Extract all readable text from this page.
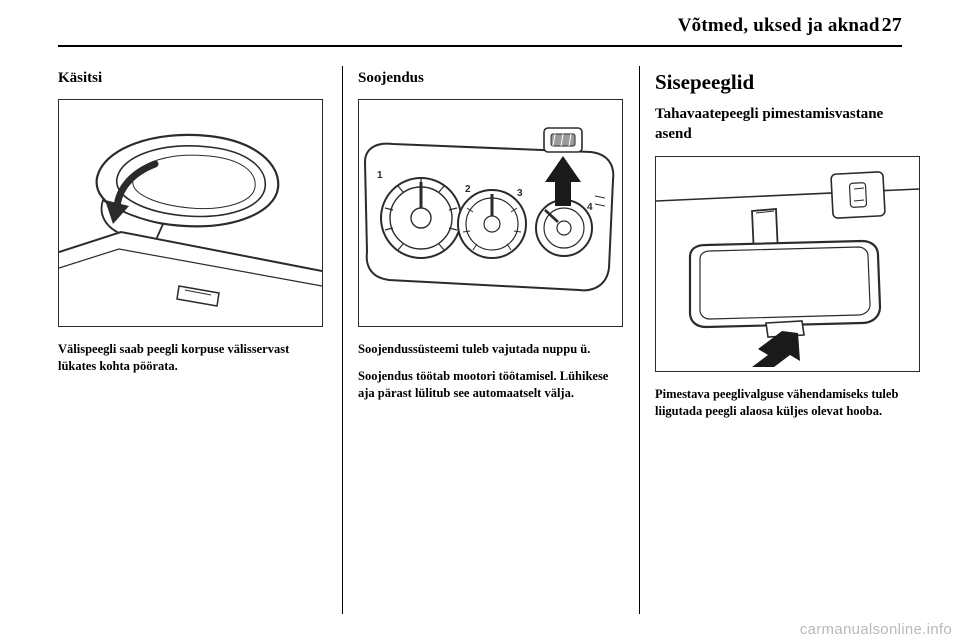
Võtmed, uksed ja aknad 27
Käsitsi

Välispeegli saab peegli korpuse välisservast lükates kohta pöörata.

Soojendus
1
2	3
4

Soojendussüsteemi tuleb vajutada nuppu ü.

Soojendus töötab mootori töötamisel. Lühikese aja pärast lülitub see automaatselt välja.

Sisepeeglid
Tahavaatepeegli pimestamisvastane asend

Pimestava peeglivalguse vähendamiseks tuleb liigutada peegli alaosa küljes olevat hooba.

carmanualsonline.info
